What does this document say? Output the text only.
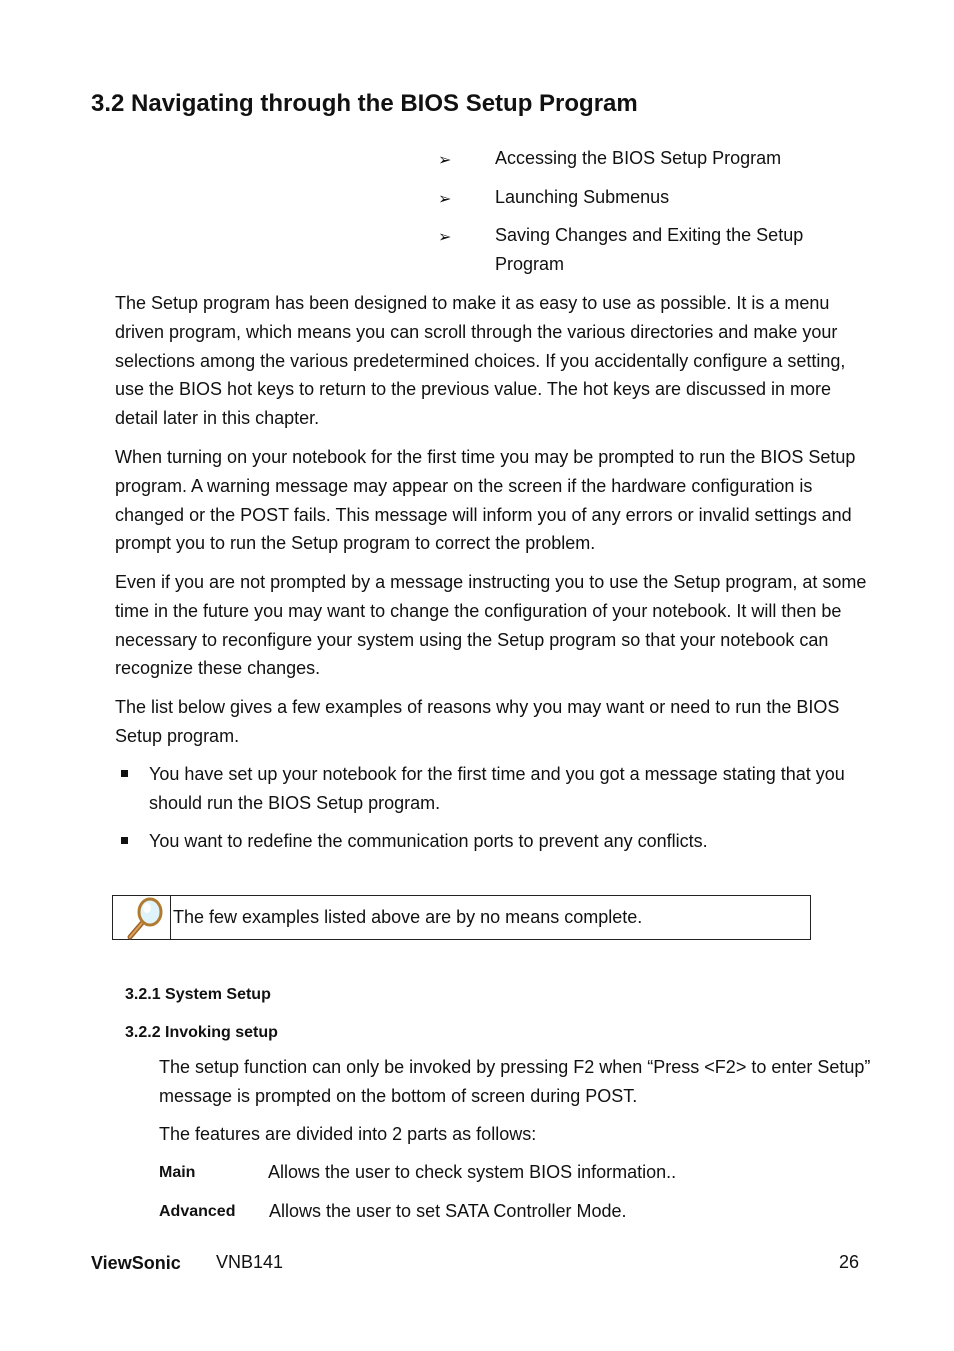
3.2 Navigating through the BIOS Setup Program
➢ Accessing the BIOS Setup Program
➢ Launching Submenus
➢ Saving Changes and Exiting the Setup Program

The Setup program has been designed to make it as easy to use as possible. It is a menu driven program, which means you can scroll through the various directories and make your selections among the various predetermined choices. If you accidentally configure a setting, use the BIOS hot keys to return to the previous value. The hot keys are discussed in more detail later in this chapter.

When turning on your notebook for the first time you may be prompted to run the BIOS Setup program. A warning message may appear on the screen if the hardware configuration is changed or the POST fails. This message will inform you of any errors or invalid settings and prompt you to run the Setup program to correct the problem.

Even if you are not prompted by a message instructing you to use the Setup program, at some time in the future you may want to change the configuration of your notebook. It will then be necessary to reconfigure your system using the Setup program so that your notebook can recognize these changes.

The list below gives a few examples of reasons why you may want or need to run the BIOS Setup program.

You have set up your notebook for the first time and you got a message stating that you should run the BIOS Setup program.

You want to redefine the communication ports to prevent any conflicts.

The few examples listed above are by no means complete.
3.2.1 System Setup
3.2.2 Invoking setup

The setup function can only be invoked by pressing F2 when “Press <F2> to enter Setup” message is prompted on the bottom of screen during POST.

The features are divided into 2 parts as follows:

Main	Allows the user to check system BIOS information..
Advanced Allows the user to set SATA Controller Mode.
ViewSonic VNB141	26
